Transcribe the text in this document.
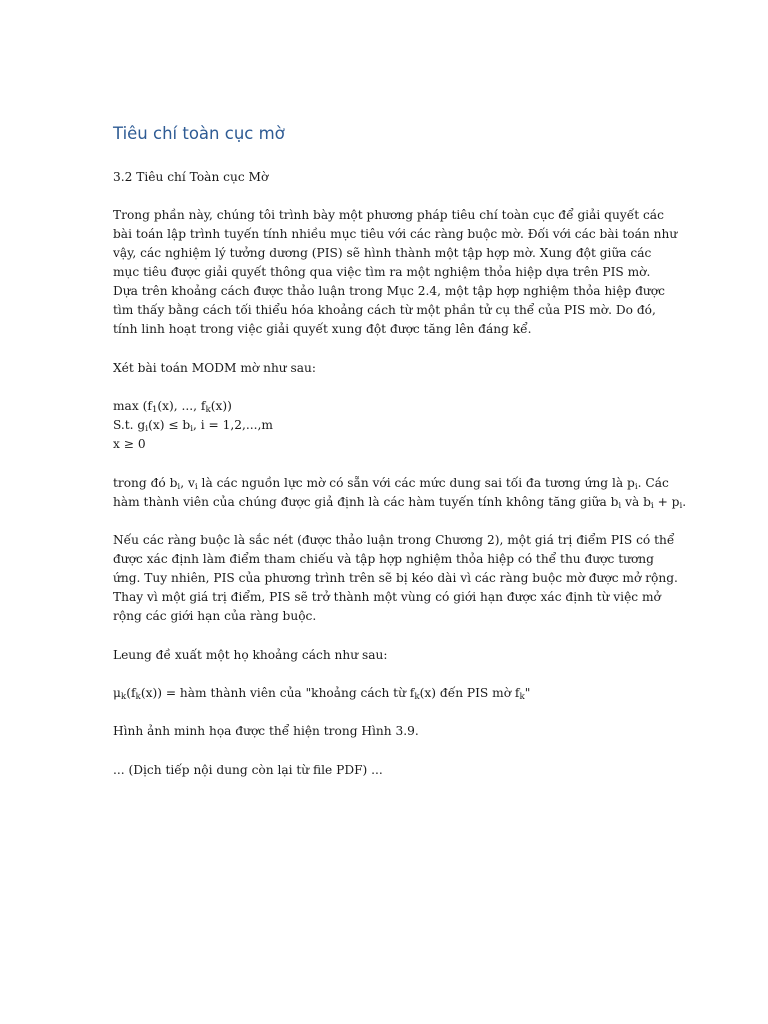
Tiêu chí toàn cục mờ

3.2 Tiêu chí Toàn cục Mờ

Trong phần này, chúng tôi trình bày một phương pháp tiêu chí toàn cục để giải quyết các
bài toán lập trình tuyến tính nhiều mục tiêu với các ràng buộc mờ. Đối với các bài toán như
vậy, các nghiệm lý tưởng dương (PIS) sẽ hình thành một tập hợp mờ. Xung đột giữa các
mục tiêu được giải quyết thông qua việc tìm ra một nghiệm thỏa hiệp dựa trên PIS mờ.
Dựa trên khoảng cách được thảo luận trong Mục 2.4, một tập hợp nghiệm thỏa hiệp được
tìm thấy bằng cách tối thiểu hóa khoảng cách từ một phần tử cụ thể của PIS mờ. Do đó,
tính linh hoạt trong việc giải quyết xung đột được tăng lên đáng kể.

Xét bài toán MODM mờ như sau:

$\max (f_1(x)$, ..., $f_k(x)$)
S.t. $g_i(x) \le b_i$, i = 1,2,...,m
x ≥ 0

trong đó $b_i$, $v_i$ là các nguồn lực mờ có sẵn với các mức dung sai tối đa tương ứng là $p_i$. Các
hàm thành viên của chúng được giả định là các hàm tuyến tính không tăng giữa $b_i$ và $b_i + p_i$.

Nếu các ràng buộc là sắc nét (được thảo luận trong Chương 2), một giá trị điểm PIS có thể
được xác định làm điểm tham chiếu và tập hợp nghiệm thỏa hiệp có thể thu được tương
ứng. Tuy nhiên, PIS của phương trình trên sẽ bị kéo dài vì các ràng buộc mờ được mở rộng.
Thay vì một giá trị điểm, PIS sẽ trở thành một vùng có giới hạn được xác định từ việc mở
rộng các giới hạn của ràng buộc.

Leung đề xuất một họ khoảng cách như sau:

$\mu_k(f_k(x))$ = hàm thành viên của "khoảng cách từ $f_k(x)$ đến PIS mờ $f_k$"

Hình ảnh minh họa được thể hiện trong Hình 3.9.

... (Dịch tiếp nội dung còn lại từ file PDF) ...
